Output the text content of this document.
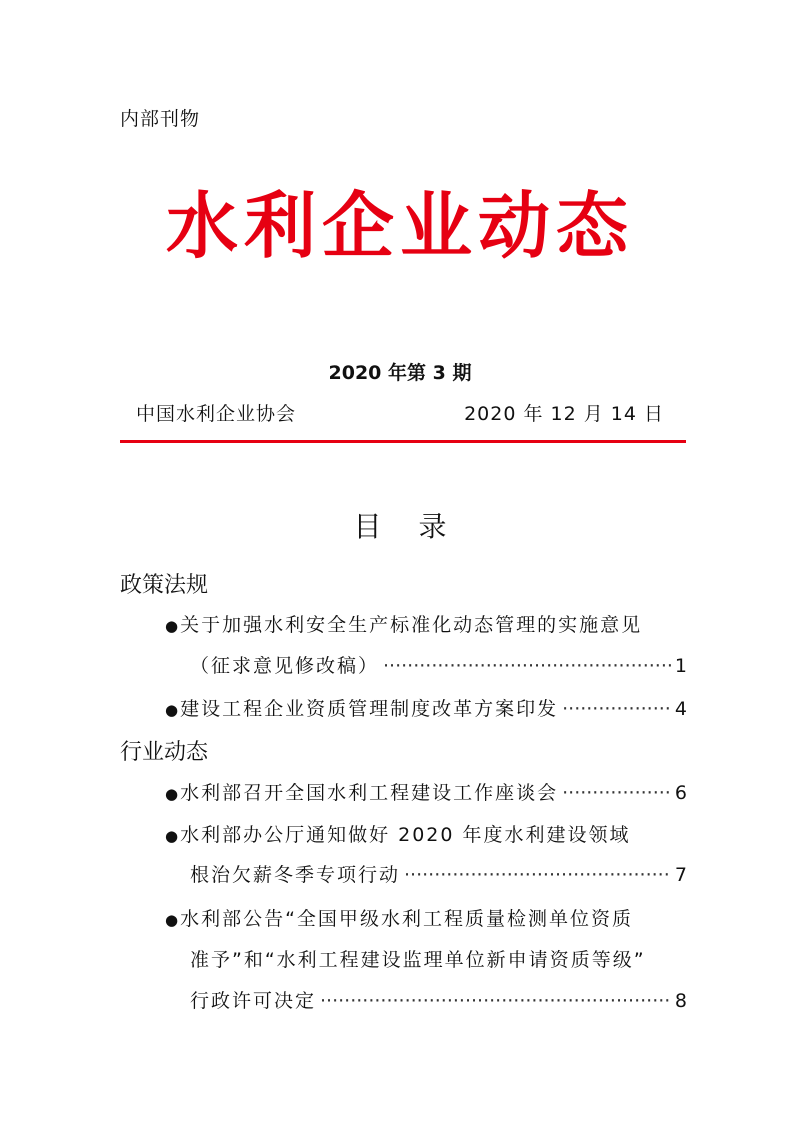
内部刊物
水利企业动态
2020 年第 3 期
中国水利企业协会	2020 年 12 月 14 日
目 录
政策法规
● 关于加强水利安全生产标准化动态管理的实施意见
（征求意见修改稿） ·····	1
● 建设工程企业资质管理制度改革方案印发 ·····	4
行业动态
● 水利部召开全国水利工程建设工作座谈会 ·····	6
● 水利部办公厅通知做好 2020 年度水利建设领域
根治欠薪冬季专项行动 ·····	7
● 水利部公告“全国甲级水利工程质量检测单位资质
准予”和“水利工程建设监理单位新申请资质等级”
行政许可决定 ·····	8
